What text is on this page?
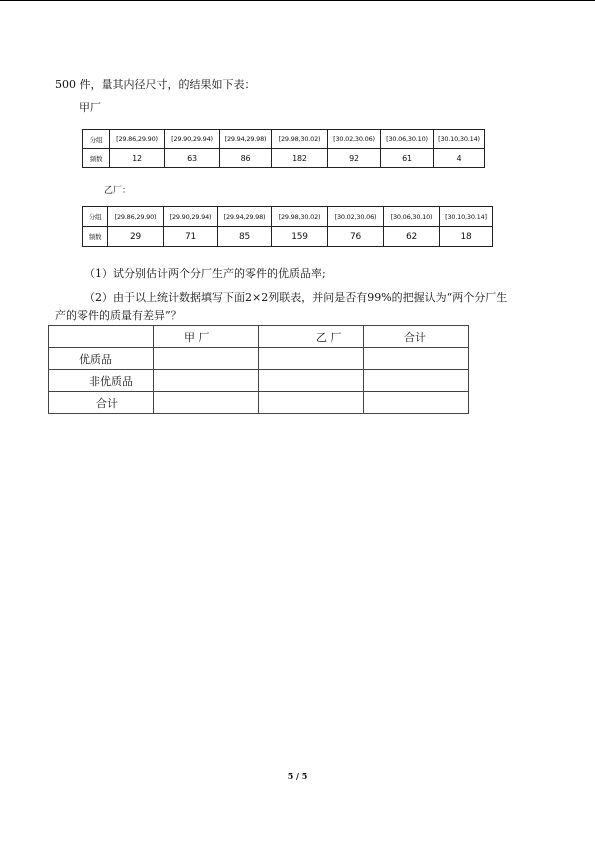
500 件，量其内径尺寸，的结果如下表：
甲厂
分组	[29.86,29.90)	[29.90,29.94)	[29.94,29.98)	[29.98,30.02)	[30.02,30.06)	[30.06,30.10)	[30.10,30.14)
频数	12	63	86	182	92	61	4
乙厂：
分组	[29.86,29.90)	[29.90,29.94)	[29.94,29.98)	[29.98,30.02)	[30.02,30.06)	[30.06,30.10)	[30.10,30.14]
频数	29	71	85	159	76	62	18
（1）试分别估计两个分厂生产的零件的优质品率;
（2）由于以上统计数据填写下面2×2列联表，并问是否有99%的把握认为“两个分厂生
产的零件的质量有差异”？
	甲 厂	乙 厂	合计
优质品			
非优质品			
合计			
5 / 5
